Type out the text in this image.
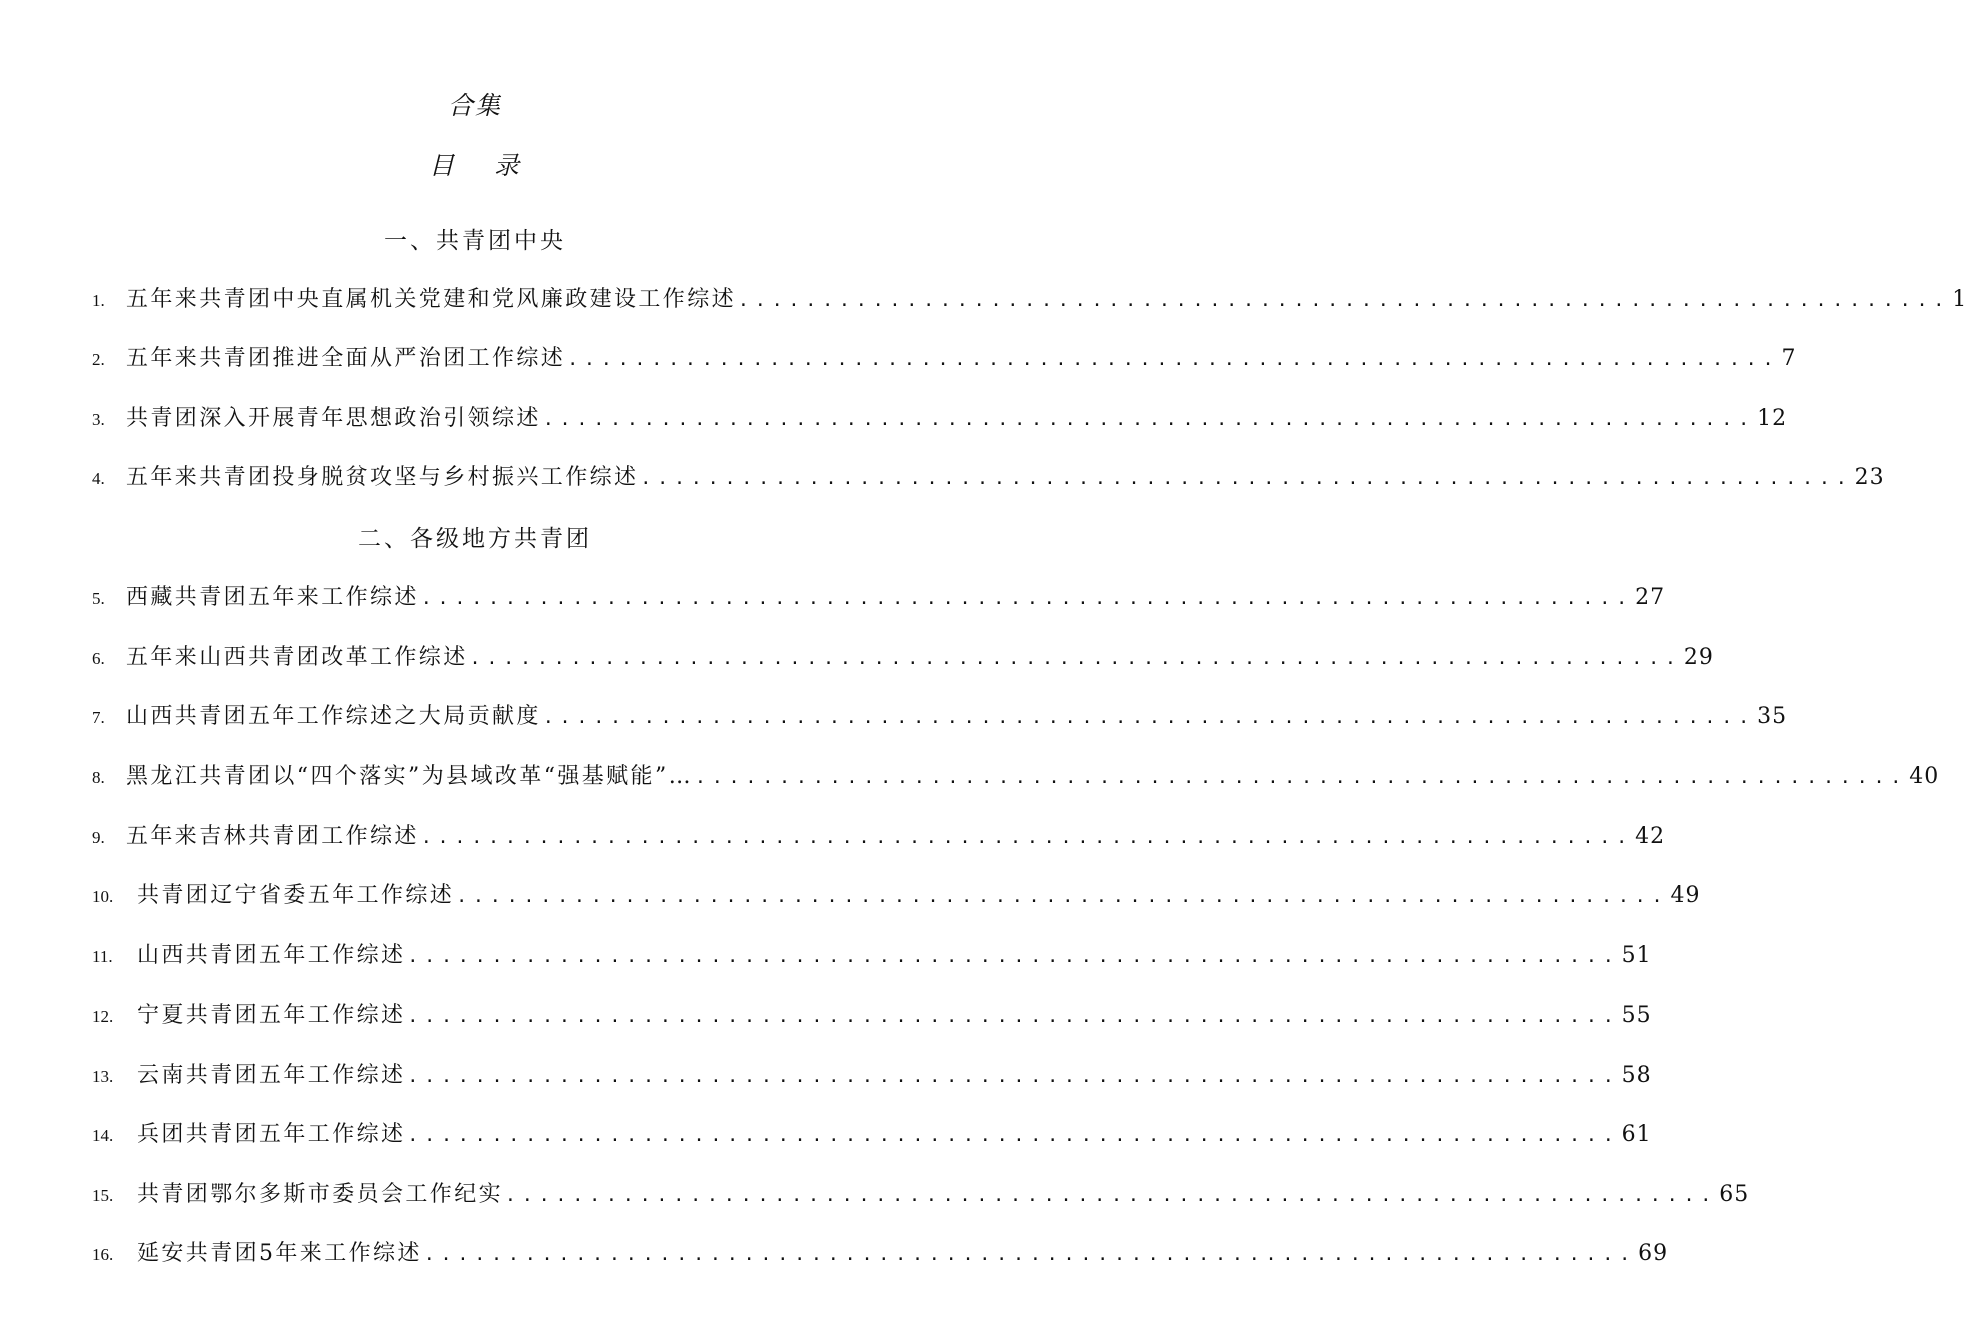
合集
目 录
一、共青团中央
1. 五年来共青团中央直属机关党建和党风廉政建设工作综述 ........................................................................ 1
2. 五年来共青团推进全面从严治团工作综述 ........................................................................ 7
3. 共青团深入开展青年思想政治引领综述 ........................................................................ 12
4. 五年来共青团投身脱贫攻坚与乡村振兴工作综述 ........................................................................ 23
二、各级地方共青团
5. 西藏共青团五年来工作综述 ........................................................................ 27
6. 五年来山西共青团改革工作综述 ........................................................................ 29
7. 山西共青团五年工作综述之大局贡献度 ........................................................................ 35
8. 黑龙江共青团以“四个落实”为县域改革“强基赋能”… ........................................................................ 40
9. 五年来吉林共青团工作综述 ........................................................................ 42
10.	共青团辽宁省委五年工作综述 ........................................................................ 49
11.	山西共青团五年工作综述 ........................................................................ 51
12.	宁夏共青团五年工作综述 ........................................................................ 55
13.	云南共青团五年工作综述 ........................................................................ 58
14.	兵团共青团五年工作综述 ........................................................................ 61
15.	共青团鄂尔多斯市委员会工作纪实 ........................................................................ 65
16.	延安共青团5年来工作综述 ........................................................................ 69
